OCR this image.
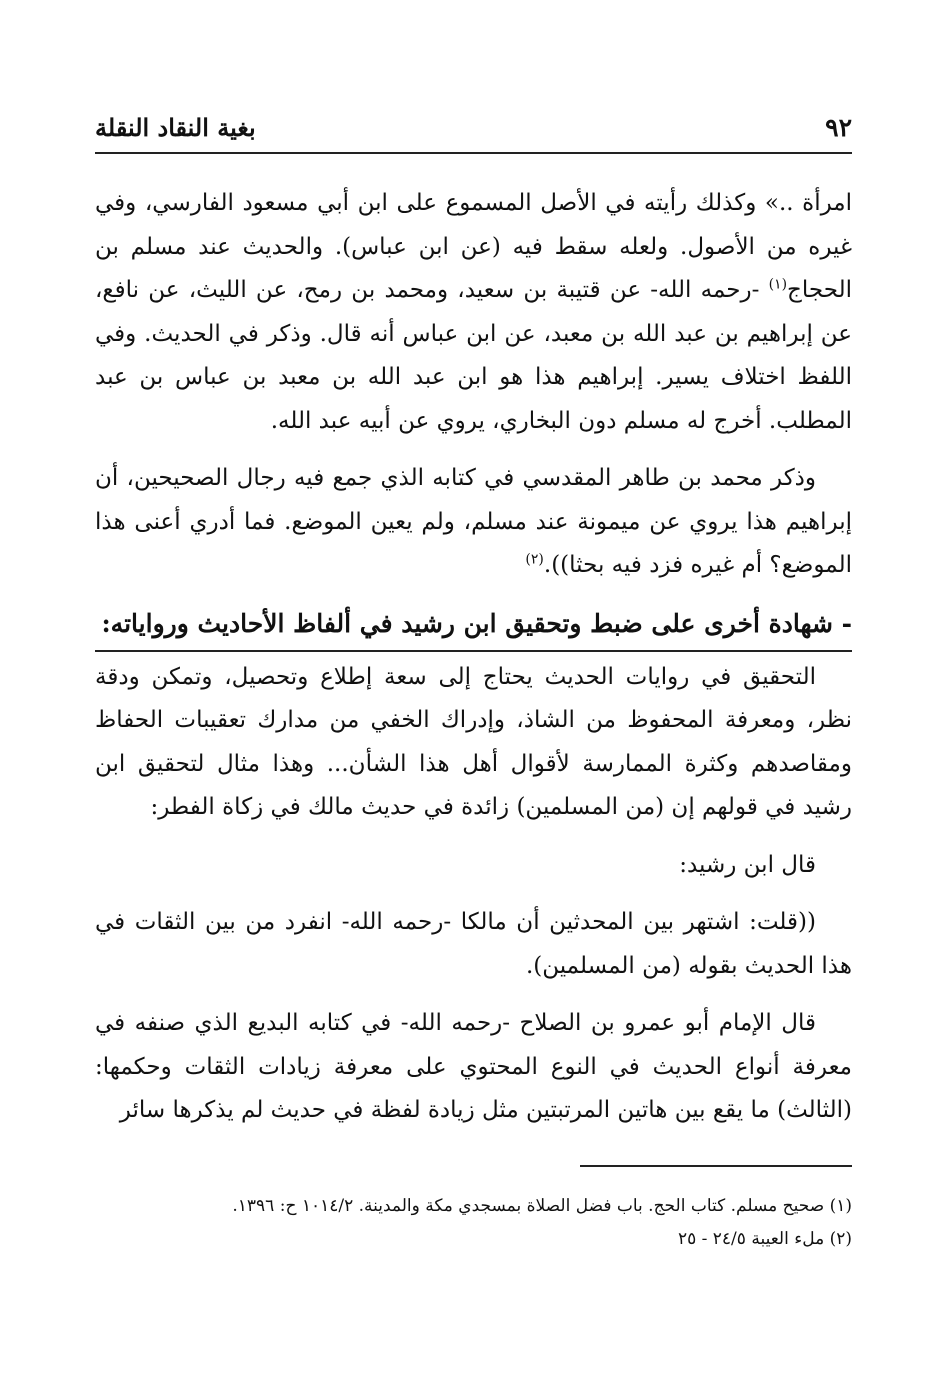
٩٢
بغية النقاد النقلة

امرأة ..» وكذلك رأيته في الأصل المسموع على ابن أبي مسعود الفارسي، وفي غيره من الأصول. ولعله سقط فيه (عن ابن عباس). والحديث عند مسلم بن الحجاج$^{(١)}$ -رحمه الله- عن قتيبة بن سعيد، ومحمد بن رمح، عن الليث، عن نافع، عن إبراهيم بن عبد الله بن معبد، عن ابن عباس أنه قال. وذكر في الحديث. وفي اللفظ اختلاف يسير. إبراهيم هذا هو ابن عبد الله بن معبد بن عباس بن عبد المطلب. أخرج له مسلم دون البخاري، يروي عن أبيه عبد الله.

وذكر محمد بن طاهر المقدسي في كتابه الذي جمع فيه رجال الصحيحين، أن إبراهيم هذا يروي عن ميمونة عند مسلم، ولم يعين الموضع. فما أدري أعنى هذا الموضع؟ أم غيره فزد فيه بحثا)).$^{(٢)}$

- شهادة أخرى على ضبط وتحقيق ابن رشيد في ألفاظ الأحاديث ورواياته:

التحقيق في روايات الحديث يحتاج إلى سعة إطلاع وتحصيل، وتمكن ودقة نظر، ومعرفة المحفوظ من الشاذ، وإدراك الخفي من مدارك تعقيبات الحفاظ ومقاصدهم وكثرة الممارسة لأقوال أهل هذا الشأن... وهذا مثال لتحقيق ابن رشيد في قولهم إن (من المسلمين) زائدة في حديث مالك في زكاة الفطر:

قال ابن رشيد:

((قلت: اشتهر بين المحدثين أن مالكا -رحمه الله- انفرد من بين الثقات في هذا الحديث بقوله (من المسلمين).

قال الإمام أبو عمرو بن الصلاح -رحمه الله- في كتابه البديع الذي صنفه في معرفة أنواع الحديث في النوع المحتوي على معرفة زيادات الثقات وحكمها: (الثالث) ما يقع بين هاتين المرتبتين مثل زيادة لفظة في حديث لم يذكرها سائر

(١) صحيح مسلم. كتاب الحج. باب فضل الصلاة بمسجدي مكة والمدينة. ١٠١٤/٢ ح: ١٣٩٦.

(٢) ملء العيبة ٢٤/٥ - ٢٥
